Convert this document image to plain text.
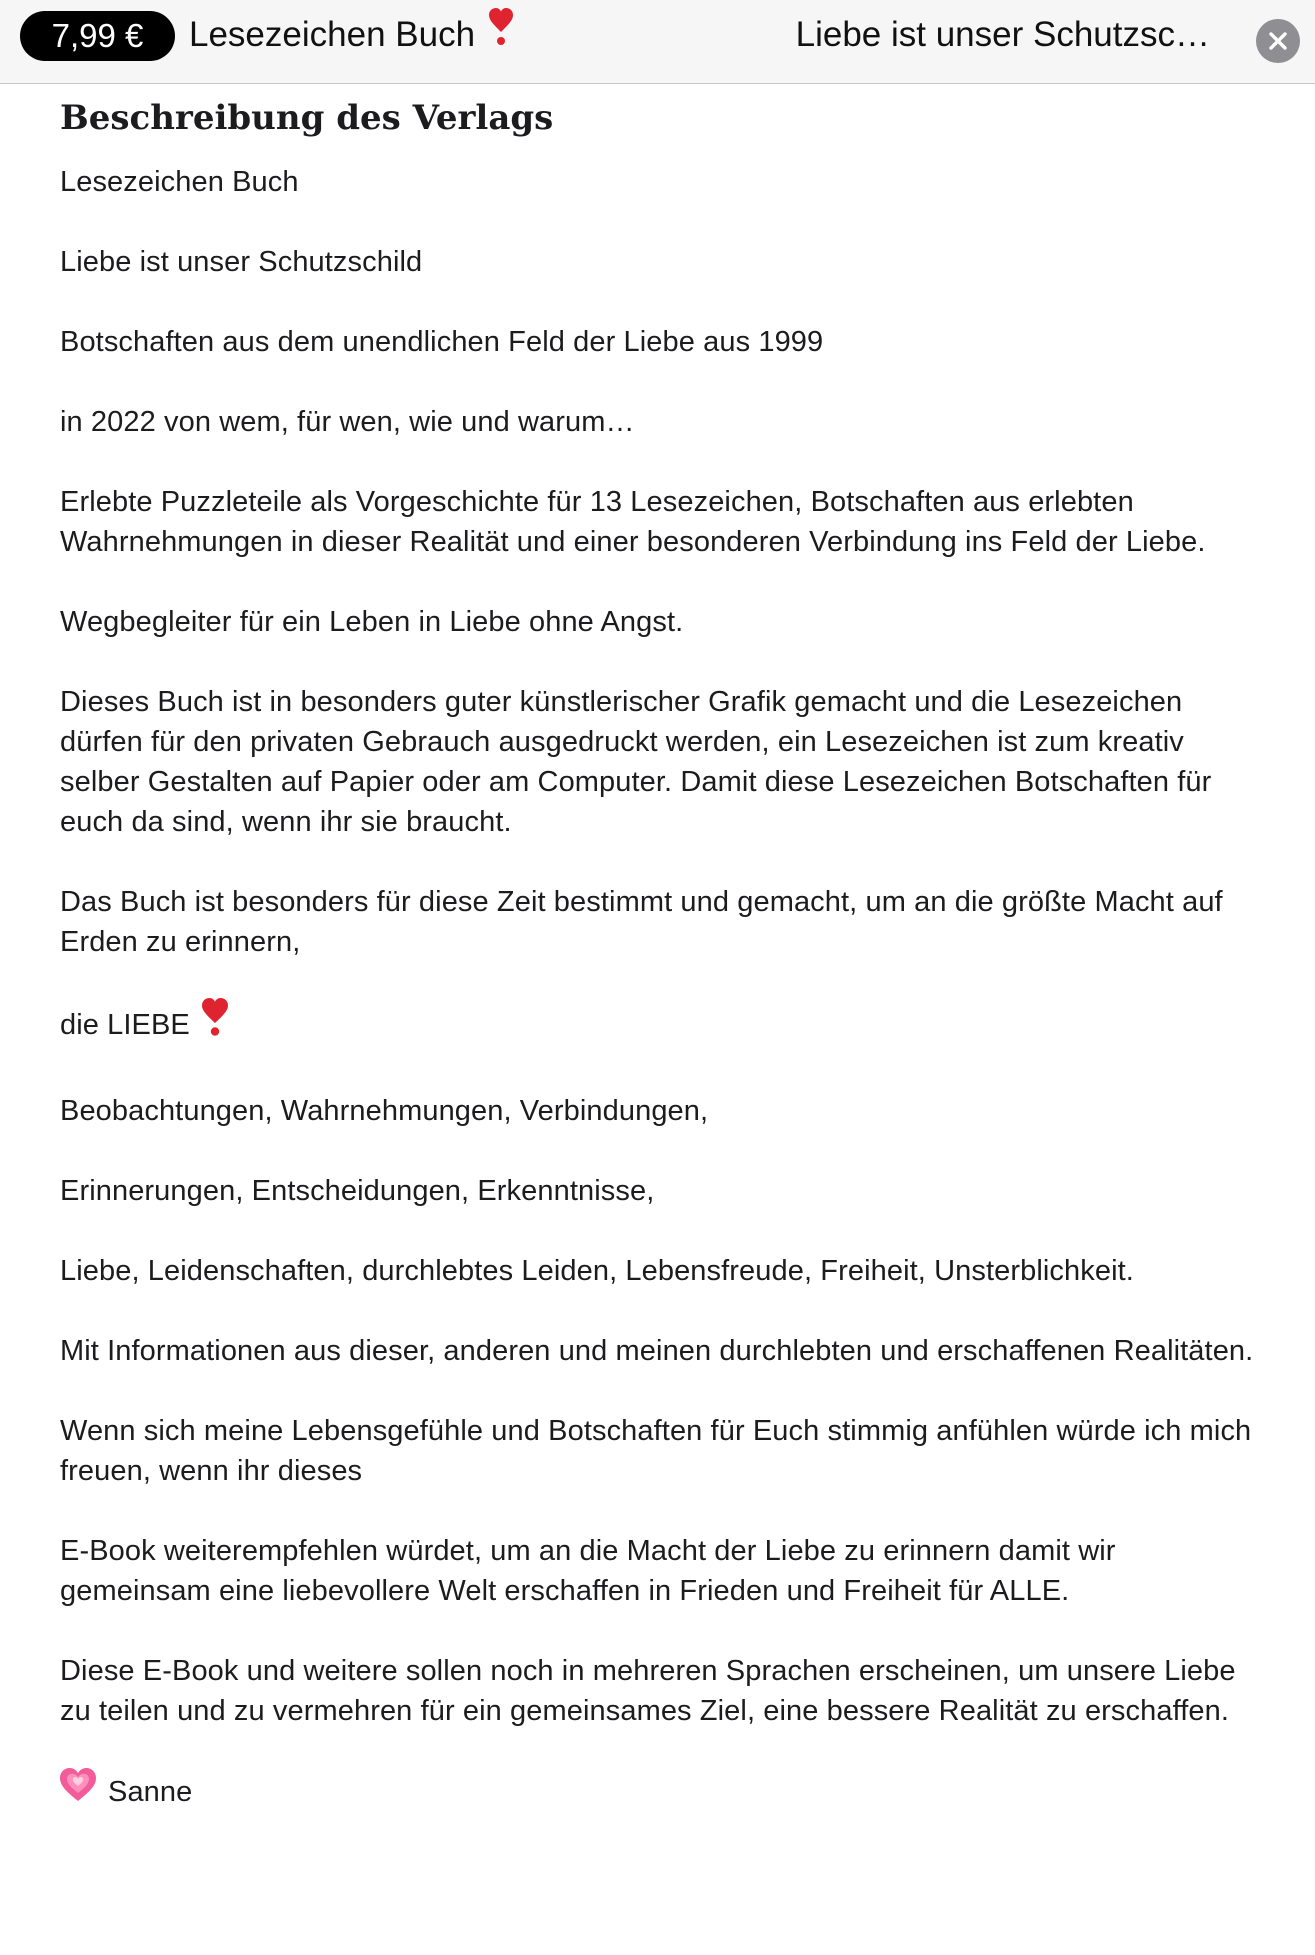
7,99 €	Lesezeichen Buch	Liebe ist unser Schutzsc…
Beschreibung des Verlags

Lesezeichen Buch

Liebe ist unser Schutzschild

Botschaften aus dem unendlichen Feld der Liebe aus 1999

in 2022 von wem, für wen, wie und warum…

Erlebte Puzzleteile als Vorgeschichte für 13 Lesezeichen, Botschaften aus erlebten Wahrnehmungen in dieser Realität und einer besonderen Verbindung ins Feld der Liebe.

Wegbegleiter für ein Leben in Liebe ohne Angst.

Dieses Buch ist in besonders guter künstlerischer Grafik gemacht und die Lesezeichen dürfen für den privaten Gebrauch ausgedruckt werden, ein Lesezeichen ist zum kreativ selber Gestalten auf Papier oder am Computer. Damit diese Lesezeichen Botschaften für euch da sind, wenn ihr sie braucht.

Das Buch ist besonders für diese Zeit bestimmt und gemacht, um an die größte Macht auf Erden zu erinnern,

die LIEBE

Beobachtungen, Wahrnehmungen, Verbindungen,

Erinnerungen, Entscheidungen, Erkenntnisse,

Liebe, Leidenschaften, durchlebtes Leiden, Lebensfreude, Freiheit, Unsterblichkeit.

Mit Informationen aus dieser, anderen und meinen durchlebten und erschaffenen Realitäten.

Wenn sich meine Lebensgefühle und Botschaften für Euch stimmig anfühlen würde ich mich freuen, wenn ihr dieses

E-Book weiterempfehlen würdet, um an die Macht der Liebe zu erinnern damit wir gemeinsam eine liebevollere Welt erschaffen in Frieden und Freiheit für ALLE.

Diese E-Book und weitere sollen noch in mehreren Sprachen erscheinen, um unsere Liebe zu teilen und zu vermehren für ein gemeinsames Ziel, eine bessere Realität zu erschaffen.

Sanne
